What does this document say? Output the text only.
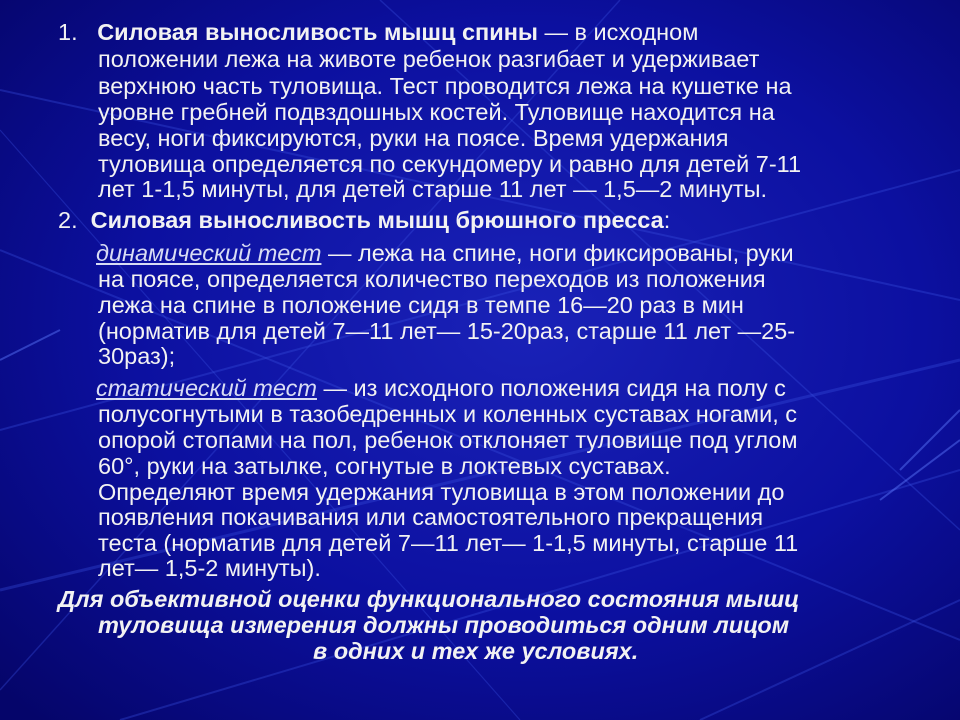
1. Силовая выносливость мышц спины — в исходном
положении лежа на животе ребенок разгибает и удерживает
верхнюю часть туловища. Тест проводится лежа на кушетке на
уровне гребней подвздошных костей. Туловище находится на
весу, ноги фиксируются, руки на поясе. Время удержания
туловища определяется по секундомеру и равно для детей 7-11
лет 1-1,5 минуты, для детей старше 11 лет — 1,5—2 минуты.
2. Силовая выносливость мышц брюшного пресса:
динамический тест — лежа на спине, ноги фиксированы, руки
на поясе, определяется количество переходов из положения
лежа на спине в положение сидя в темпе 16—20 раз в мин
(норматив для детей 7—11 лет— 15-20раз, старше 11 лет —25-
30раз);
статический тест — из исходного положения сидя на полу с
полусогнутыми в тазобедренных и коленных суставах ногами, с
опорой стопами на пол, ребенок отклоняет туловище под углом
60°, руки на затылке, согнутые в локтевых суставах.
Определяют время удержания туловища в этом положении до
появления покачивания или самостоятельного прекращения
теста (норматив для детей 7—11 лет— 1-1,5 минуты, старше 11
лет— 1,5-2 минуты).
Для объективной оценки функционального состояния мышц
туловища измерения должны проводиться одним лицом
в одних и тех же условиях.
